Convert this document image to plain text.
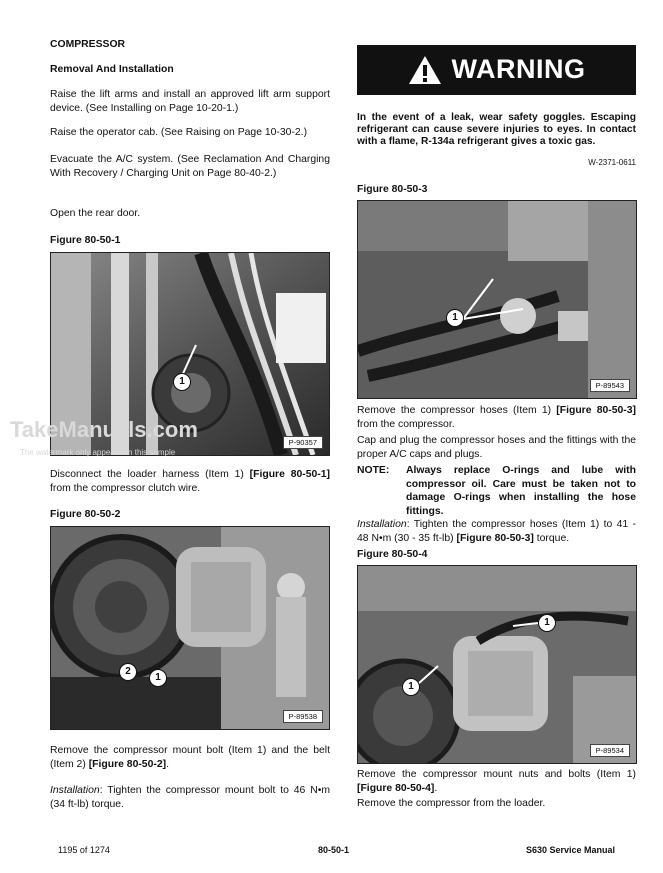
COMPRESSOR

Removal And Installation

Raise the lift arms and install an approved lift arm support device. (See Installing on Page 10-20-1.)

Raise the operator cab. (See Raising on Page 10-30-2.)

Evacuate the A/C system. (See Reclamation And Charging With Recovery / Charging Unit on Page 80-40-2.)

Open the rear door.

Figure 80-50-1

1
P-90357

Disconnect the loader harness (Item 1) [Figure 80-50-1] from the compressor clutch wire.

Figure 80-50-2

2
1
P-89538

Remove the compressor mount bolt (Item 1) and the belt (Item 2) [Figure 80-50-2].

Installation: Tighten the compressor mount bolt to 46 N•m (34 ft-lb) torque.

WARNING

In the event of a leak, wear safety goggles. Escaping refrigerant can cause severe injuries to eyes. In contact with a flame, R-134a refrigerant gives a toxic gas.

W-2371-0611

Figure 80-50-3

1
P-89543

Remove the compressor hoses (Item 1) [Figure 80-50-3] from the compressor.

Cap and plug the compressor hoses and the fittings with the proper A/C caps and plugs.

NOTE:	Always replace O-rings and lube with compressor oil. Care must be taken not to damage O-rings when installing the hose fittings.

Installation: Tighten the compressor hoses (Item 1) to 41 - 48 N•m (30 - 35 ft-lb) [Figure 80-50-3] torque.

Figure 80-50-4

1
1
P-89534

Remove the compressor mount nuts and bolts (Item 1) [Figure 80-50-4].

Remove the compressor from the loader.

TakeManuals.com
The watermark only appears on this sample
1195 of 1274	80-50-1	S630 Service Manual
